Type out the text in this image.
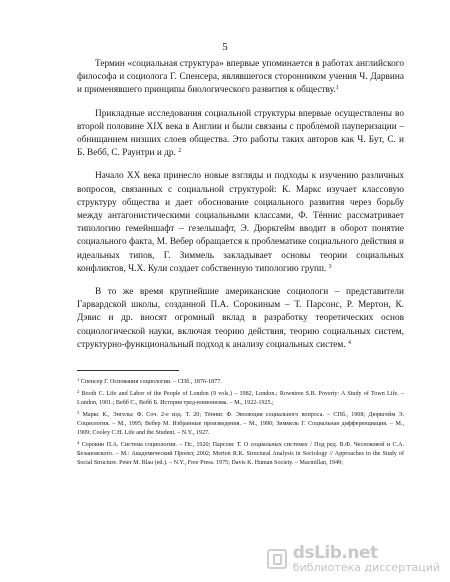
5

Термин «социальная структура» впервые упоминается в работах английского философа и социолога Г. Спенсера, являвшегося сторонником учения Ч. Дарвина и применявшего принципы биологического развития к обществу.$^1$

Прикладные исследования социальной структуры впервые осуществлены во второй половине XIX века в Англии и были связаны с проблемой пауперизации – обнищанием низших слоев общества. Это работы таких авторов как Ч. Бут, С. и Б. Вебб, С. Раунтри и др. $^2$

Начало XX века принесло новые взгляды и подходы к изучению различных вопросов, связанных с социальной структурой: К. Маркс изучает классовую структуру общества и дает обоснование социального развития через борьбу между антагонистическими социальными классами, Ф. Тённис рассматривает типологию гемейншафт – гезельшафт, Э. Дюркгейм вводит в оборот понятие социального факта, М. Вебер обращается к проблематике социального действия и идеальных типов, Г. Зиммель закладывает основы теории социальных конфликтов, Ч.Х. Кули создает собственную типологию групп. $^3$

В то же время крупнейшие американские социологи – представители Гарвардской школы, созданной П.А. Сорокиным – Т. Парсонс, Р. Мертон, К. Дэвис и др. вносят огромный вклад в разработку теоретических основ социологической науки, включая теорию действия, теорию социальных систем, структурно-функциональный подход к анализу социальных систем. $^4$

$^1$ Спенсер Г. Основания социологии. – СПб., 1876-1877.
$^2$ Booth C. Life and Labor of the People of London (9 vols.) – 1982, London.; Rowntree S.B. Poverty: A Study of Town Life. – London, 1901.; Вебб С., Вебб Б. История тред-юнионизма. – М., 1922-1925.;
$^3$ Маркс К., Энгельс Ф. Соч. 2-е изд. Т. 20; Тённис Ф. Эволюция социального вопроса. – СПб., 1908; Дюркгейм Э. Социология. – М., 1995; Вебер М. Избранные произведения. – М., 1990; Зиммель Г. Социальная дифференциация. – М., 1909; Cooley C.H. Life and the Student. – N.Y., 1927.
$^4$ Сорокин П.А. Система социологии. – Пг., 1920; Парсонс Т. О социальных системах / Под ред. В.Ф. Чесноковой и С.А. Белановского. – М.: Академический Проект, 2002; Merton R.K. Structural Analysis in Sociology // Approaches to the Study of Social Structure. Peter M. Blau (ed.). – N.Y., Free Press. 1975; Davis K. Human Society. – Macmillan, 1949;
dsLib.net
библиотека диссертаций
